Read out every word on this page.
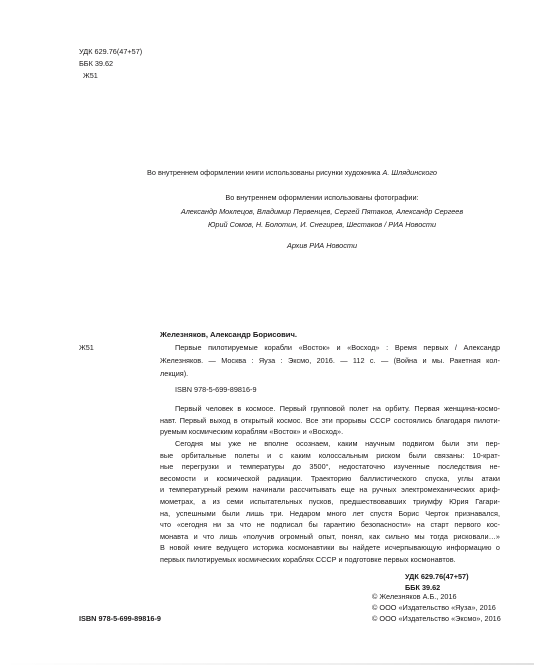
УДК 629.76(47+57)
ББК 39.62
Ж51
Во внутреннем оформлении книги использованы рисунки художника А. Шлядинского
Во внутреннем оформлении использованы фотографии:
Александр Моклецов, Владимир Первенцев, Сергей Пятаков, Александр Сергеев
Юрий Сомов, Н. Болотин, И. Снегирев, Шестаков / РИА Новости
Архив РИА Новости
Ж51
Железняков, Александр Борисович.
Первые пилотируемые корабли «Восток» и «Восход» : Время первых / Александр
Железняков. — Москва : Яуза : Эксмо, 2016. — 112 с. — (Война и мы. Ракетная кол-
лекция).
ISBN 978-5-699-89816-9
Первый человек в космосе. Первый групповой полет на орбиту. Первая женщина-космо-
навт. Первый выход в открытый космос. Все эти прорывы СССР состоялись благодаря пилоти-
руемым космическим кораблям «Восток» и «Восход».
Сегодня мы уже не вполне осознаем, каким научным подвигом были эти пер-
вые орбитальные полеты и с каким колоссальным риском были связаны: 10-крат-
ные перегрузки и температуры до 3500°, недостаточно изученные последствия не-
весомости и космической радиации. Траекторию баллистического спуска, углы атаки
и температурный режим начинали рассчитывать еще на ручных электромеханических ариф-
мометрах, а из семи испытательных пусков, предшествовавших триумфу Юрия Гагари-
на, успешными были лишь три. Недаром много лет спустя Борис Черток признавался,
что «сегодня ни за что не подписал бы гарантию безопасности» на старт первого кос-
монавта и что лишь «получив огромный опыт, понял, как сильно мы тогда рисковали…»
В новой книге ведущего историка космонавтики вы найдете исчерпывающую информацию о
первых пилотируемых космических кораблях СССР и подготовке первых космонавтов.
УДК 629.76(47+57)
ББК 39.62
© Железняков А.Б., 2016
© ООО «Издательство «Яуза», 2016
© ООО «Издательство «Эксмо», 2016
ISBN 978-5-699-89816-9
